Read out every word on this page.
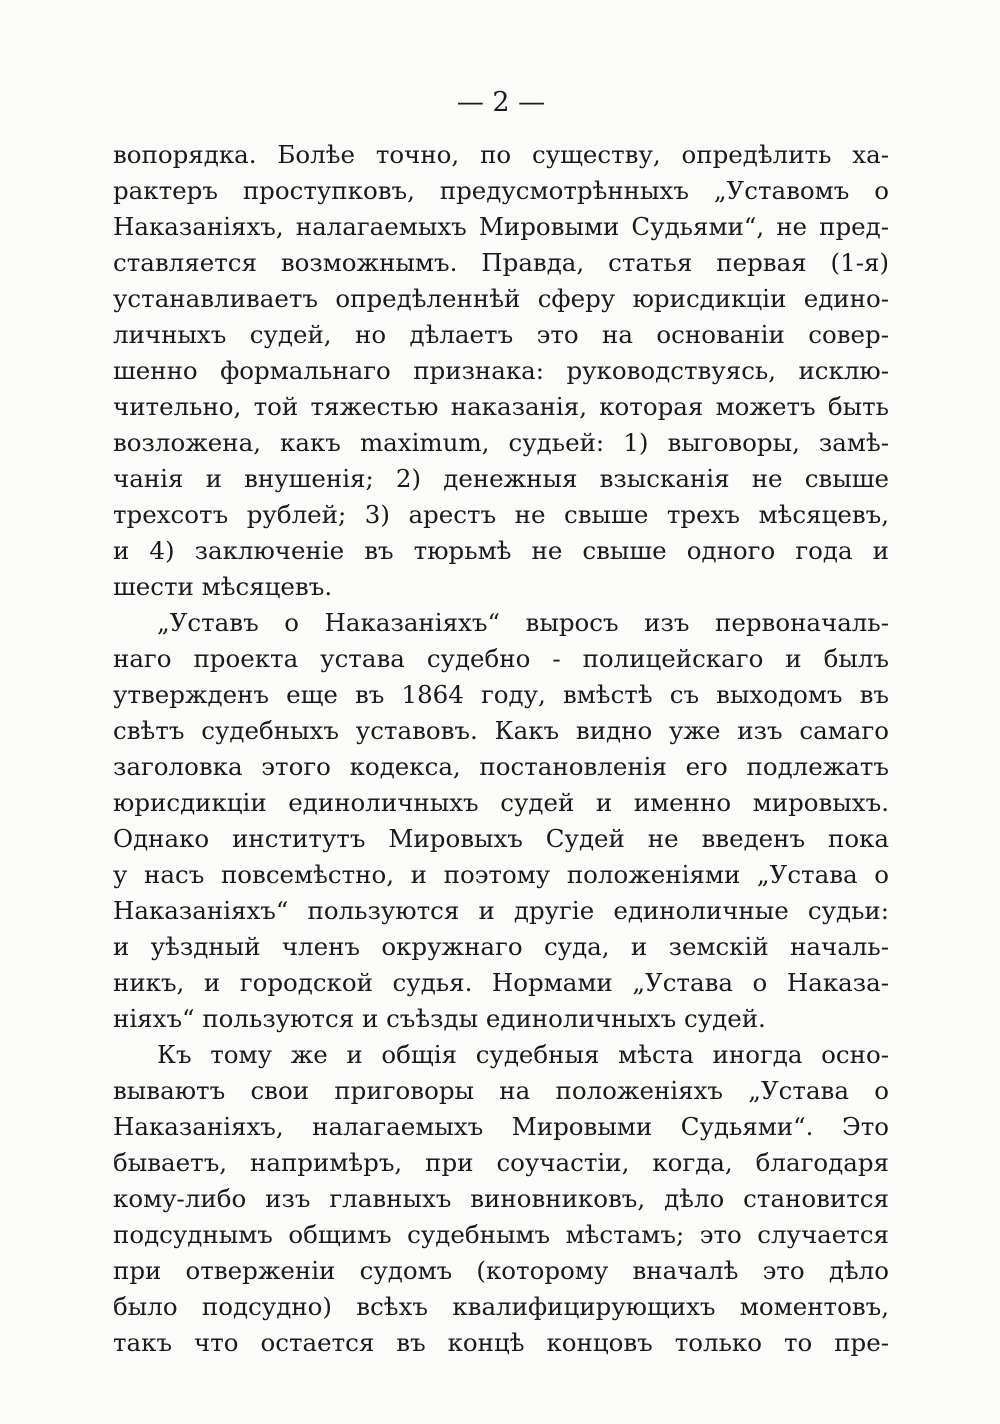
— 2 —
вопорядка. Болѣе точно, по существу, опредѣлить ха-
рактеръ проступковъ, предусмотрѣнныхъ „Уставомъ о
Наказаніяхъ, налагаемыхъ Мировыми Судьями“, не пред-
ставляется возможнымъ. Правда, статья первая (1-я)
устанавливаетъ опредѣленнѣй сферу юрисдикціи едино-
личныхъ судей, но дѣлаетъ это на основаніи совер-
шенно формальнаго признака: руководствуясь, исклю-
чительно, той тяжестью наказанія, которая можетъ быть
возложена, какъ maximum, судьей: 1) выговоры, замѣ-
чанія и внушенія; 2) денежныя взысканія не свыше
трехсотъ рублей; 3) арестъ не свыше трехъ мѣсяцевъ,
и 4) заключеніе въ тюрьмѣ не свыше одного года и
шести мѣсяцевъ.
„Уставъ о Наказаніяхъ“ выросъ изъ первоначаль-
наго проекта устава судебно - полицейскаго и былъ
утвержденъ еще въ 1864 году, вмѣстѣ съ выходомъ въ
свѣтъ судебныхъ уставовъ. Какъ видно уже изъ самаго
заголовка этого кодекса, постановленія его подлежатъ
юрисдикціи единоличныхъ судей и именно мировыхъ.
Однако институтъ Мировыхъ Судей не введенъ пока
у насъ повсемѣстно, и поэтому положеніями „Устава о
Наказаніяхъ“ пользуются и другіе единоличные судьи:
и уѣздный членъ окружнаго суда, и земскій началь-
никъ, и городской судья. Нормами „Устава о Наказа-
ніяхъ“ пользуются и съѣзды единоличныхъ судей.
Къ тому же и общія судебныя мѣста иногда осно-
вываютъ свои приговоры на положеніяхъ „Устава о
Наказаніяхъ, налагаемыхъ Мировыми Судьями“. Это
бываетъ, напримѣръ, при соучастіи, когда, благодаря
кому-либо изъ главныхъ виновниковъ, дѣло становится
подсуднымъ общимъ судебнымъ мѣстамъ; это случается
при отверженіи судомъ (которому вначалѣ это дѣло
было подсудно) всѣхъ квалифицирующихъ моментовъ,
такъ что остается въ концѣ концовъ только то пре-
